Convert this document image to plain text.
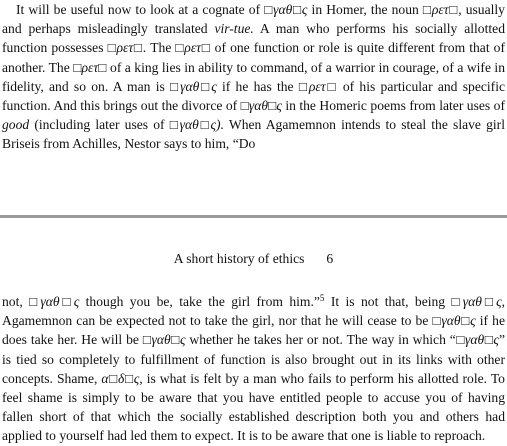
It will be useful now to look at a cognate of □γαθ□ς in Homer, the noun □ρετ□, usually and perhaps misleadingly translated vir-tue. A man who performs his socially allotted function possesses □ρετ□. The □ρετ□ of one function or role is quite different from that of another. The □ρετ□ of a king lies in ability to command, of a warrior in courage, of a wife in fidelity, and so on. A man is □γαθ□ς if he has the □ρετ□ of his particular and specific function. And this brings out the divorce of □γαθ□ς in the Homeric poems from later uses of good (including later uses of □γαθ□ς). When Agamemnon intends to steal the slave girl Briseis from Achilles, Nestor says to him, “Do

A short history of ethics 6

not, □γαθ□ς though you be, take the girl from him.”$^5$ It is not that, being □γαθ□ς, Agamemnon can be expected not to take the girl, nor that he will cease to be □γαθ□ς if he does take her. He will be □γαθ□ς whether he takes her or not. The way in which “□γαθ□ς” is tied so completely to fulfillment of function is also brought out in its links with other concepts. Shame, α□δ□ς, is what is felt by a man who fails to perform his allotted role. To feel shame is simply to be aware that you have entitled people to accuse you of having fallen short of that which the socially established description both you and others had applied to yourself had led them to expect. It is to be aware that one is liable to reproach.
